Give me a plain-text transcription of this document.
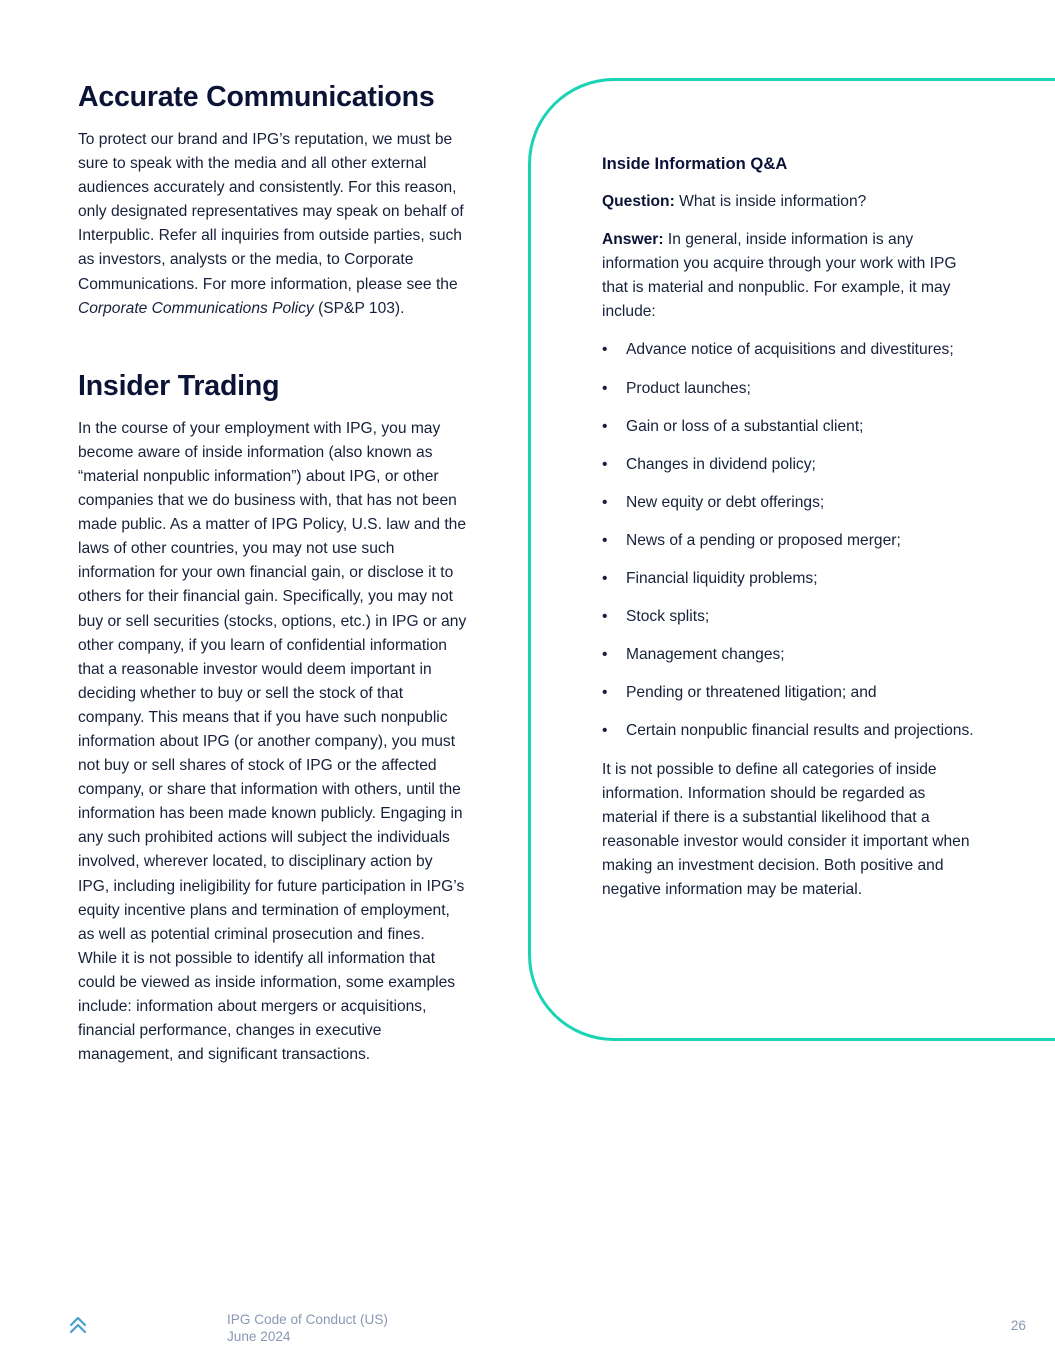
Accurate Communications

To protect our brand and IPG’s reputation, we must be sure to speak with the media and all other external audiences accurately and consistently. For this reason, only designated representatives may speak on behalf of Interpublic. Refer all inquiries from outside parties, such as investors, analysts or the media, to Corporate Communications. For more information, please see the Corporate Communications Policy (SP&P 103).

Insider Trading

In the course of your employment with IPG, you may become aware of inside information (also known as “material nonpublic information”) about IPG, or other companies that we do business with, that has not been made public. As a matter of IPG Policy, U.S. law and the laws of other countries, you may not use such information for your own financial gain, or disclose it to others for their financial gain. Specifically, you may not buy or sell securities (stocks, options, etc.) in IPG or any other company, if you learn of confidential information that a reasonable investor would deem important in deciding whether to buy or sell the stock of that company. This means that if you have such nonpublic information about IPG (or another company), you must not buy or sell shares of stock of IPG or the affected company, or share that information with others, until the information has been made known publicly. Engaging in any such prohibited actions will subject the individuals involved, wherever located, to disciplinary action by IPG, including ineligibility for future participation in IPG’s equity incentive plans and termination of employment, as well as potential criminal prosecution and fines. While it is not possible to identify all information that could be viewed as inside information, some examples include: information about mergers or acquisitions, financial performance, changes in executive management, and significant transactions.

Inside Information Q&A

Question: What is inside information?

Answer: In general, inside information is any information you acquire through your work with IPG that is material and nonpublic. For example, it may include:

• Advance notice of acquisitions and divestitures;
• Product launches;
• Gain or loss of a substantial client;
• Changes in dividend policy;
• New equity or debt offerings;
• News of a pending or proposed merger;
• Financial liquidity problems;
• Stock splits;
• Management changes;
• Pending or threatened litigation; and
• Certain nonpublic financial results and projections.

It is not possible to define all categories of inside information. Information should be regarded as material if there is a substantial likelihood that a reasonable investor would consider it important when making an investment decision. Both positive and negative information may be material.

IPG Code of Conduct (US)
June 2024
26
